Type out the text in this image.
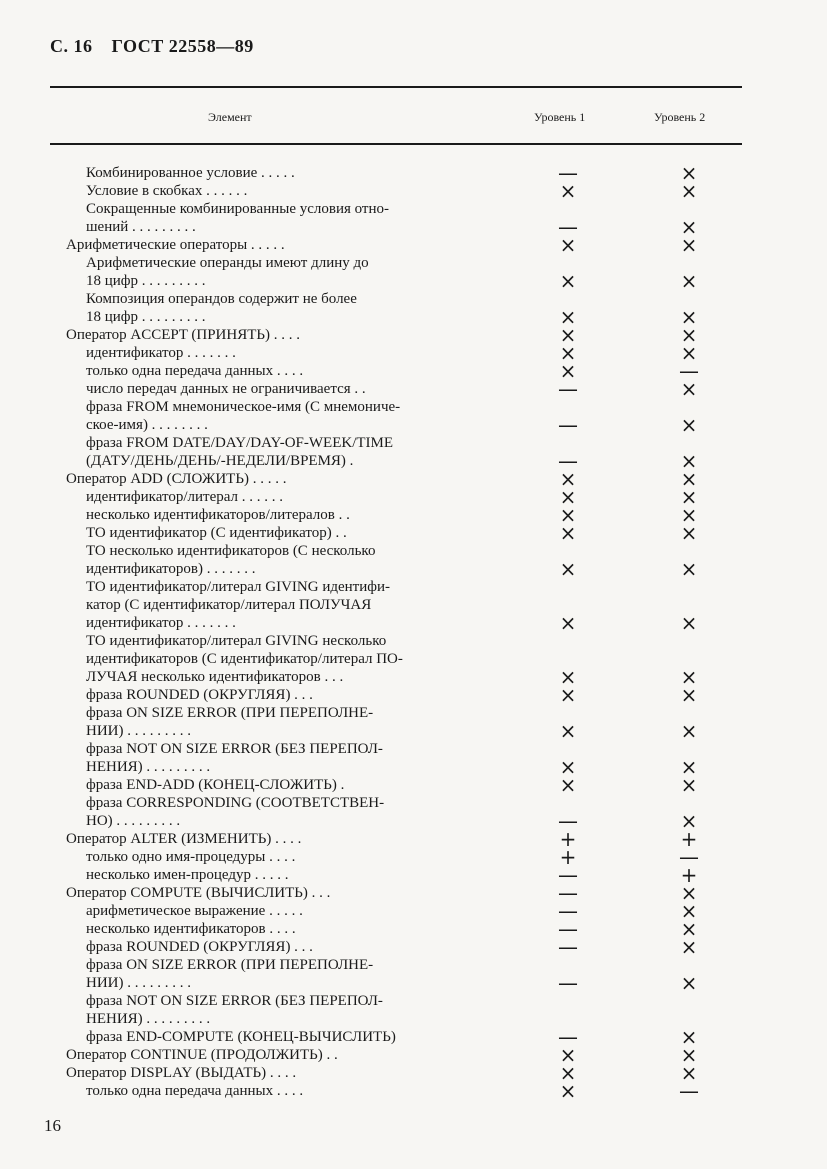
С. 16 ГОСТ 22558—89
Элемент	Уровень 1	Уровень 2
Комбинированное условие . . . . .	—	×
Условие в скобках . . . . . .	×	×
Сокращенные комбинированные условия отно-
шений . . . . . . . . .	—	×
Арифметические операторы . . . . .	×	×
Арифметические операнды имеют длину до
18 цифр . . . . . . . . .	×	×
Композиция операндов содержит не более
18 цифр . . . . . . . . .	×	×
Оператор ACCEPT (ПРИНЯТЬ) . . . .	×	×
идентификатор . . . . . . .	×	×
только одна передача данных . . . .	×	—
число передач данных не ограничивается . .	—	×
фраза FROM мнемоническое-имя (С мнемониче-
ское-имя) . . . . . . . .	—	×
фраза FROM DATE/DAY/DAY-OF-WEEK/TIME
(ДАТУ/ДЕНЬ/ДЕНЬ/-НЕДЕЛИ/ВРЕМЯ) .	—	×
Оператор ADD (СЛОЖИТЬ) . . . . .	×	×
идентификатор/литерал . . . . . .	×	×
несколько идентификаторов/литералов . .	×	×
TO идентификатор (С идентификатор) . .	×	×
TO несколько идентификаторов (С несколько
идентификаторов) . . . . . . .	×	×
TO идентификатор/литерал GIVING идентифи-
катор (С идентификатор/литерал ПОЛУЧАЯ
идентификатор . . . . . . .	×	×
TO идентификатор/литерал GIVING несколько
идентификаторов (С идентификатор/литерал ПО-
ЛУЧАЯ несколько идентификаторов . . .	×	×
фраза ROUNDED (ОКРУГЛЯЯ) . . .	×	×
фраза ON SIZE ERROR (ПРИ ПЕРЕПОЛНЕ-
НИИ) . . . . . . . . .	×	×
фраза NOT ON SIZE ERROR (БЕЗ ПЕРЕПОЛ-
НЕНИЯ) . . . . . . . . .	×	×
фраза END-ADD (КОНЕЦ-СЛОЖИТЬ) .	×	×
фраза CORRESPONDING (СООТВЕТСТВЕН-
НО) . . . . . . . . .	—	×
Оператор ALTER (ИЗМЕНИТЬ) . . . .	+	+
только одно имя-процедуры . . . .	+	—
несколько имен-процедур . . . . .	—	+
Оператор COMPUTE (ВЫЧИСЛИТЬ) . . .	—	×
арифметическое выражение . . . . .	—	×
несколько идентификаторов . . . .	—	×
фраза ROUNDED (ОКРУГЛЯЯ) . . .	—	×
фраза ON SIZE ERROR (ПРИ ПЕРЕПОЛНЕ-
НИИ) . . . . . . . . .	—	×
фраза NOT ON SIZE ERROR (БЕЗ ПЕРЕПОЛ-
НЕНИЯ) . . . . . . . . .
фраза END-COMPUTE (КОНЕЦ-ВЫЧИСЛИТЬ)	—	×
Оператор CONTINUE (ПРОДОЛЖИТЬ) . .	×	×
Оператор DISPLAY (ВЫДАТЬ) . . . .	×	×
только одна передача данных . . . .	×	—
16
